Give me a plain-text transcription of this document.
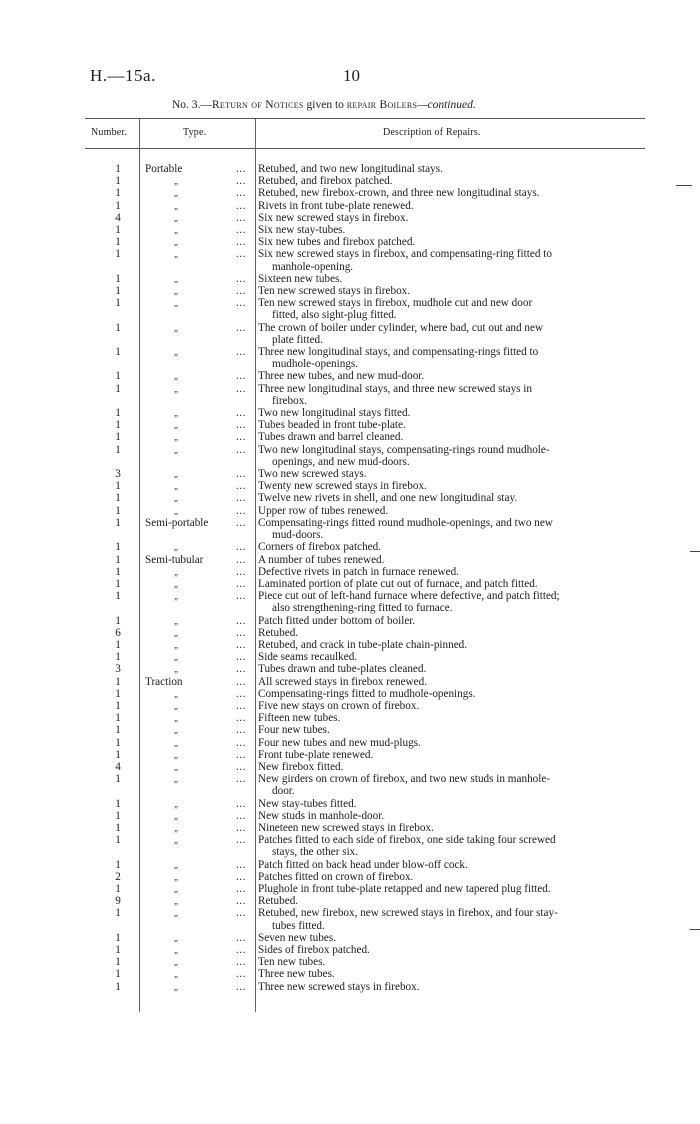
H.—15a.	10
No. 3.—Return of Notices given to repair Boilers—continued.
Number.	Type.	Description of Repairs.
1	Portable	... Retubed, and two new longitudinal stays.
1	„	... Retubed, and firebox patched.
1	„	... Retubed, new firebox-crown, and three new longitudinal stays.
1	„	... Rivets in front tube-plate renewed.
4	„	... Six new screwed stays in firebox.
1	„	... Six new stay-tubes.
1	„	... Six new tubes and firebox patched.
1	„	... Six new screwed stays in firebox, and compensating-ring fitted to
manhole-opening.
1	„	... Sixteen new tubes.
1	„	... Ten new screwed stays in firebox.
1	„	... Ten new screwed stays in firebox, mudhole cut and new door
fitted, also sight-plug fitted.
1	„	... The crown of boiler under cylinder, where bad, cut out and new
plate fitted.
1	„	... Three new longitudinal stays, and compensating-rings fitted to
mudhole-openings.
1	„	... Three new tubes, and new mud-door.
1	„	... Three new longitudinal stays, and three new screwed stays in
firebox.
1	„	... Two new longitudinal stays fitted.
1	„	... Tubes beaded in front tube-plate.
1	„	... Tubes drawn and barrel cleaned.
1	„	... Two new longitudinal stays, compensating-rings round mudhole-
openings, and new mud-doors.
3	„	... Two new screwed stays.
1	„	... Twenty new screwed stays in firebox.
1	„	... Twelve new rivets in shell, and one new longitudinal stay.
1	„	... Upper row of tubes renewed.
1	Semi-portable	... Compensating-rings fitted round mudhole-openings, and two new
mud-doors.
1	„	... Corners of firebox patched.
1	Semi-tubular	... A number of tubes renewed.
1	„	... Defective rivets in patch in furnace renewed.
1	„	... Laminated portion of plate cut out of furnace, and patch fitted.
1	„	... Piece cut out of left-hand furnace where defective, and patch fitted;
also strengthening-ring fitted to furnace.
1	„	... Patch fitted under bottom of boiler.
6	„	... Retubed.
1	„	... Retubed, and crack in tube-plate chain-pinned.
1	„	... Side seams recaulked.
3	„	... Tubes drawn and tube-plates cleaned.
1	Traction	... All screwed stays in firebox renewed.
1	„	... Compensating-rings fitted to mudhole-openings.
1	„	... Five new stays on crown of firebox.
1	„	... Fifteen new tubes.
1	„	... Four new tubes.
1	„	... Four new tubes and new mud-plugs.
1	„	... Front tube-plate renewed.
4	„	... New firebox fitted.
1	„	... New girders on crown of firebox, and two new studs in manhole-
door.
1	„	... New stay-tubes fitted.
1	„	... New studs in manhole-door.
1	„	... Nineteen new screwed stays in firebox.
1	„	... Patches fitted to each side of firebox, one side taking four screwed
stays, the other six.
1	„	... Patch fitted on back head under blow-off cock.
2	„	... Patches fitted on crown of firebox.
1	„	... Plughole in front tube-plate retapped and new tapered plug fitted.
9	„	... Retubed.
1	„	... Retubed, new firebox, new screwed stays in firebox, and four stay-
tubes fitted.
1	„	... Seven new tubes.
1	„	... Sides of firebox patched.
1	„	... Ten new tubes.
1	„	... Three new tubes.
1	„	... Three new screwed stays in firebox.
